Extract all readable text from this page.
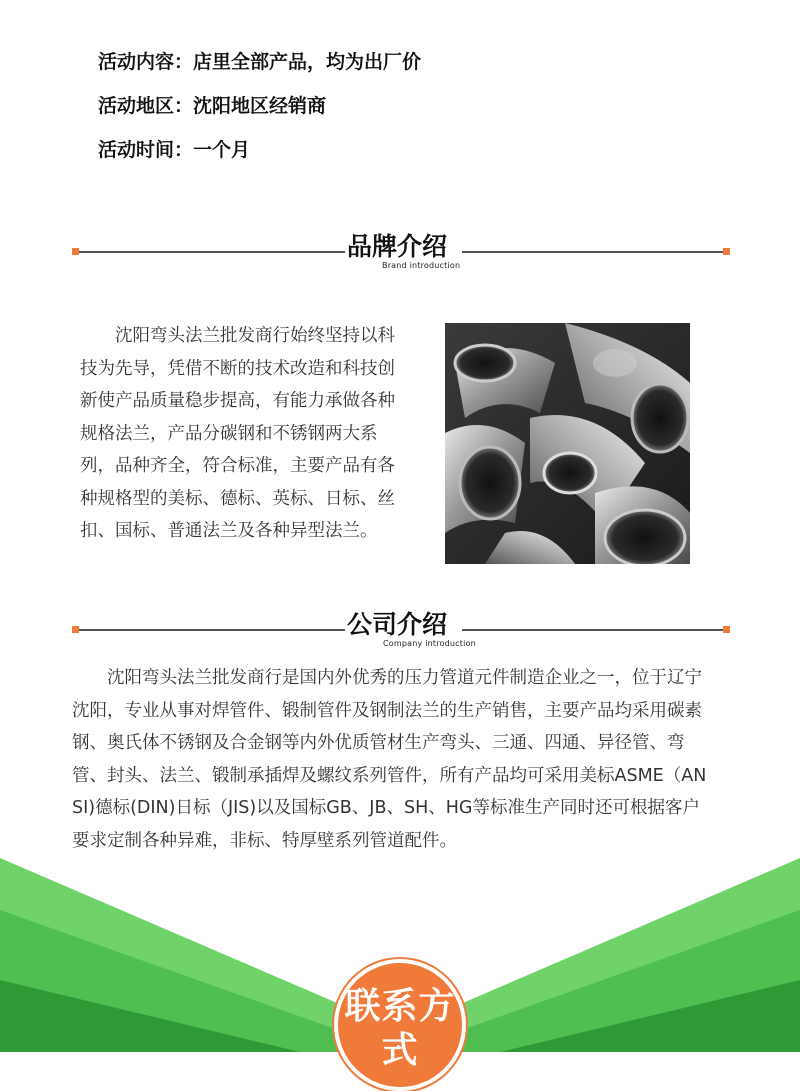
活动内容：店里全部产品，均为出厂价
活动地区：沈阳地区经销商
活动时间：一个月
品牌介绍
Brand introduction
沈阳弯头法兰批发商行始终坚持以科技为先导，凭借不断的技术改造和科技创新使产品质量稳步提高，有能力承做各种规格法兰，产品分碳钢和不锈钢两大系列，品种齐全，符合标准，主要产品有各种规格型的美标、德标、英标、日标、丝扣、国标、普通法兰及各种异型法兰。
公司介绍
Company introduction
沈阳弯头法兰批发商行是国内外优秀的压力管道元件制造企业之一，位于辽宁沈阳，专业从事对焊管件、锻制管件及钢制法兰的生产销售，主要产品均采用碳素钢、奥氏体不锈钢及合金钢等内外优质管材生产弯头、三通、四通、异径管、弯管、封头、法兰、锻制承插焊及螺纹系列管件，所有产品均可采用美标ASME（ANSI)德标(DIN)日标（JIS)以及国标GB、JB、SH、HG等标准生产同时还可根据客户要求定制各种异难，非标、特厚壁系列管道配件。
联系方式
